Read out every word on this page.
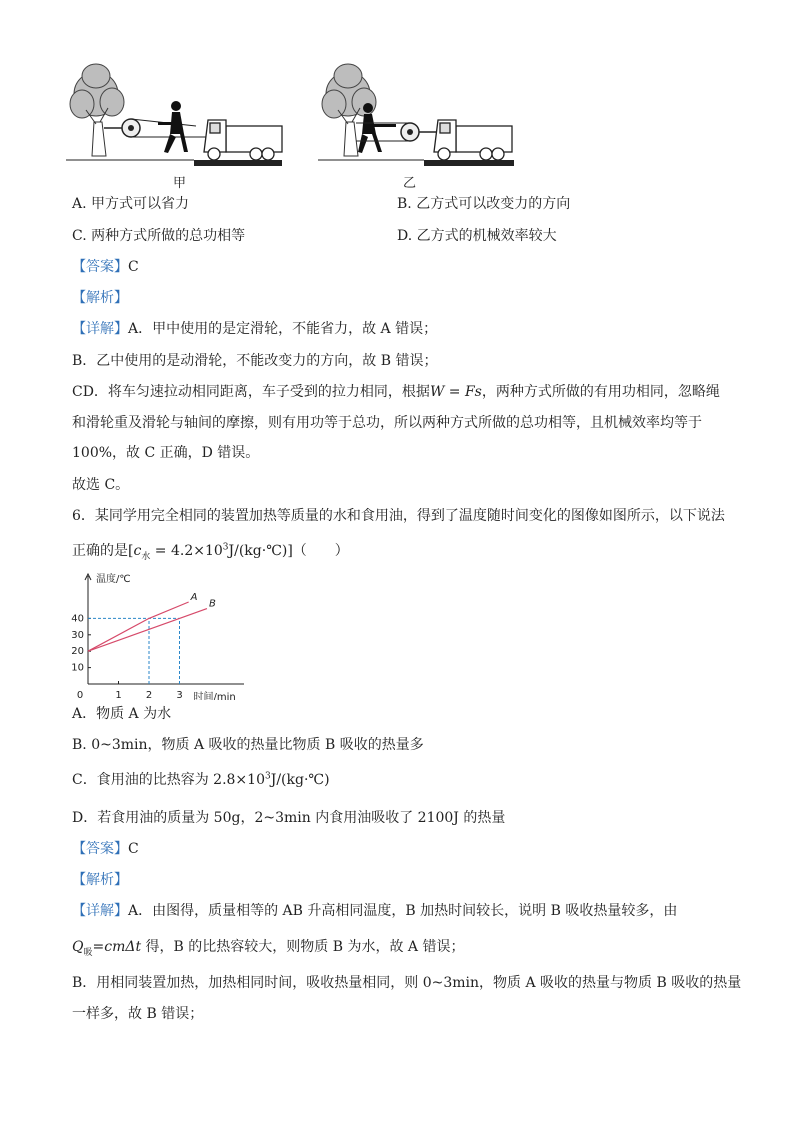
甲	乙
A. 甲方式可以省力	B. 乙方式可以改变力的方向
C. 两种方式所做的总功相等	D. 乙方式的机械效率较大
【答案】C
【解析】
【详解】A．甲中使用的是定滑轮，不能省力，故 A 错误；
B．乙中使用的是动滑轮，不能改变力的方向，故 B 错误；
CD．将车匀速拉动相同距离，车子受到的拉力相同，根据W = Fs，两种方式所做的有用功相同，忽略绳
和滑轮重及滑轮与轴间的摩擦，则有用功等于总功，所以两种方式所做的总功相等，且机械效率均等于
100%，故 C 正确，D 错误。
故选 C。
6．某同学用完全相同的装置加热等质量的水和食用油，得到了温度随时间变化的图像如图所示，以下说法
正确的是[$c_水$ = $4.2\times 10^3J/(kg\cdot℃)$]（　　）
10
20
30
40
0	1 2 3
温度/℃
时间/min
A
B
A．物质 A 为水
B. 0~3min，物质 A 吸收的热量比物质 B 吸收的热量多
C．食用油的比热容为 $2.8\times 10^3J/(kg\cdot℃)$
D．若食用油的质量为 50g，2~3min 内食用油吸收了 2100J 的热量
【答案】C
【解析】
【详解】A．由图得，质量相等的 AB 升高相同温度，B 加热时间较长，说明 B 吸收热量较多，由
$Q_吸=cm\Delta t$ 得，B 的比热容较大，则物质 B 为水，故 A 错误；
B．用相同装置加热，加热相同时间，吸收热量相同，则 0~3min，物质 A 吸收的热量与物质 B 吸收的热量
一样多，故 B 错误；
